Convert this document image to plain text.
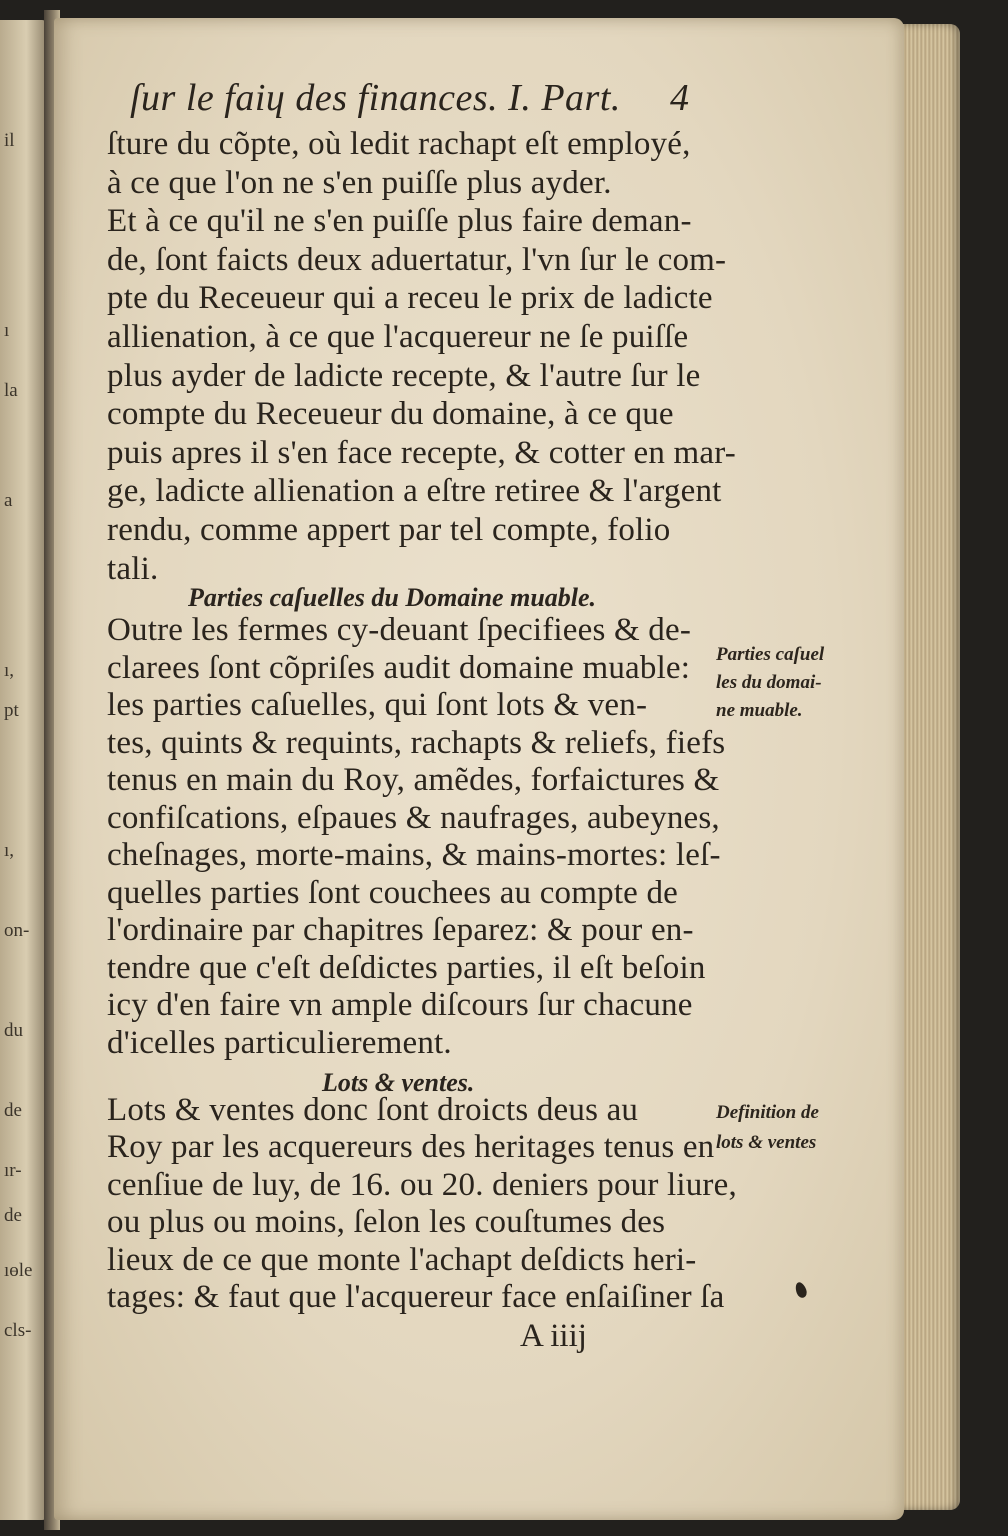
il
ı
la
a
ı,
pt
ı,
on-
du
de
ır-
de
ıɵle
cls-
ſur le faiɥ des finances. I. Part. 4
ſture du cõpte, où ledit rachapt eſt employé,
à ce que l'on ne s'en puiſſe plus ayder.
Et à ce qu'il ne s'en puiſſe plus faire deman-
de, ſont faicts deux aduertatur, l'vn ſur le com-
pte du Receueur qui a receu le prix de ladicte
allienation, à ce que l'acquereur ne ſe puiſſe
plus ayder de ladicte recepte, & l'autre ſur le
compte du Receueur du domaine, à ce que
puis apres il s'en face recepte, & cotter en mar-
ge, ladicte allienation a eſtre retiree & l'argent
rendu, comme appert par tel compte, folio
tali.
Parties caſuelles du Domaine muable.
Outre les fermes cy-deuant ſpecifiees & de-
clarees ſont cõpriſes audit domaine muable:
les parties caſuelles, qui ſont lots & ven-
tes, quints & requints, rachapts & reliefs, fiefs
tenus en main du Roy, amẽdes, forfaictures &
confiſcations, eſpaues & naufrages, aubeynes,
cheſnages, morte-mains, & mains-mortes: leſ-
quelles parties ſont couchees au compte de
l'ordinaire par chapitres ſeparez: & pour en-
tendre que c'eſt deſdictes parties, il eſt beſoin
icy d'en faire vn ample diſcours ſur chacune
d'icelles particulierement.
Lots & ventes.
Lots & ventes donc ſont droicts deus au
Roy par les acquereurs des heritages tenus en
cenſiue de luy, de 16. ou 20. deniers pour liure,
ou plus ou moins, ſelon les couſtumes des
lieux de ce que monte l'achapt deſdicts heri-
tages: & faut que l'acquereur face enſaiſiner ſa
Parties caſuel
les du domai-
ne muable.
Definition de
lots & ventes
A iiij
